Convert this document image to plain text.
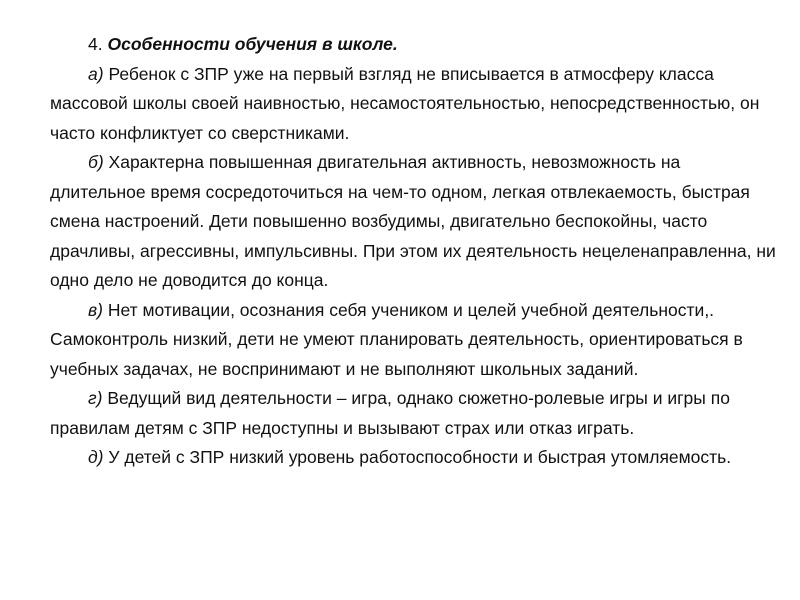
4. Особенности обучения в школе.

а) Ребенок с ЗПР уже на первый взгляд не вписывается в атмосферу класса массовой школы своей наивностью, несамостоятельностью, непосредственностью, он часто конфликтует со сверстниками.

б) Характерна повышенная двигательная активность, невозможность на длительное время сосредоточиться на чем-то одном, легкая отвлекаемость, быстрая смена настроений. Дети повышенно возбудимы, двигательно беспокойны, часто драчливы, агрессивны, импульсивны. При этом их деятельность нецеленаправленна, ни одно дело не доводится до конца.

в) Нет мотивации, осознания себя учеником и целей учебной деятельности,. Самоконтроль низкий, дети не умеют планировать деятельность, ориентироваться в учебных задачах, не воспринимают и не выполняют школьных заданий.

г) Ведущий вид деятельности – игра, однако сюжетно-ролевые игры и игры по правилам детям с ЗПР недоступны и вызывают страх или отказ играть.

д) У детей с ЗПР низкий уровень работоспособности и быстрая утомляемость.
